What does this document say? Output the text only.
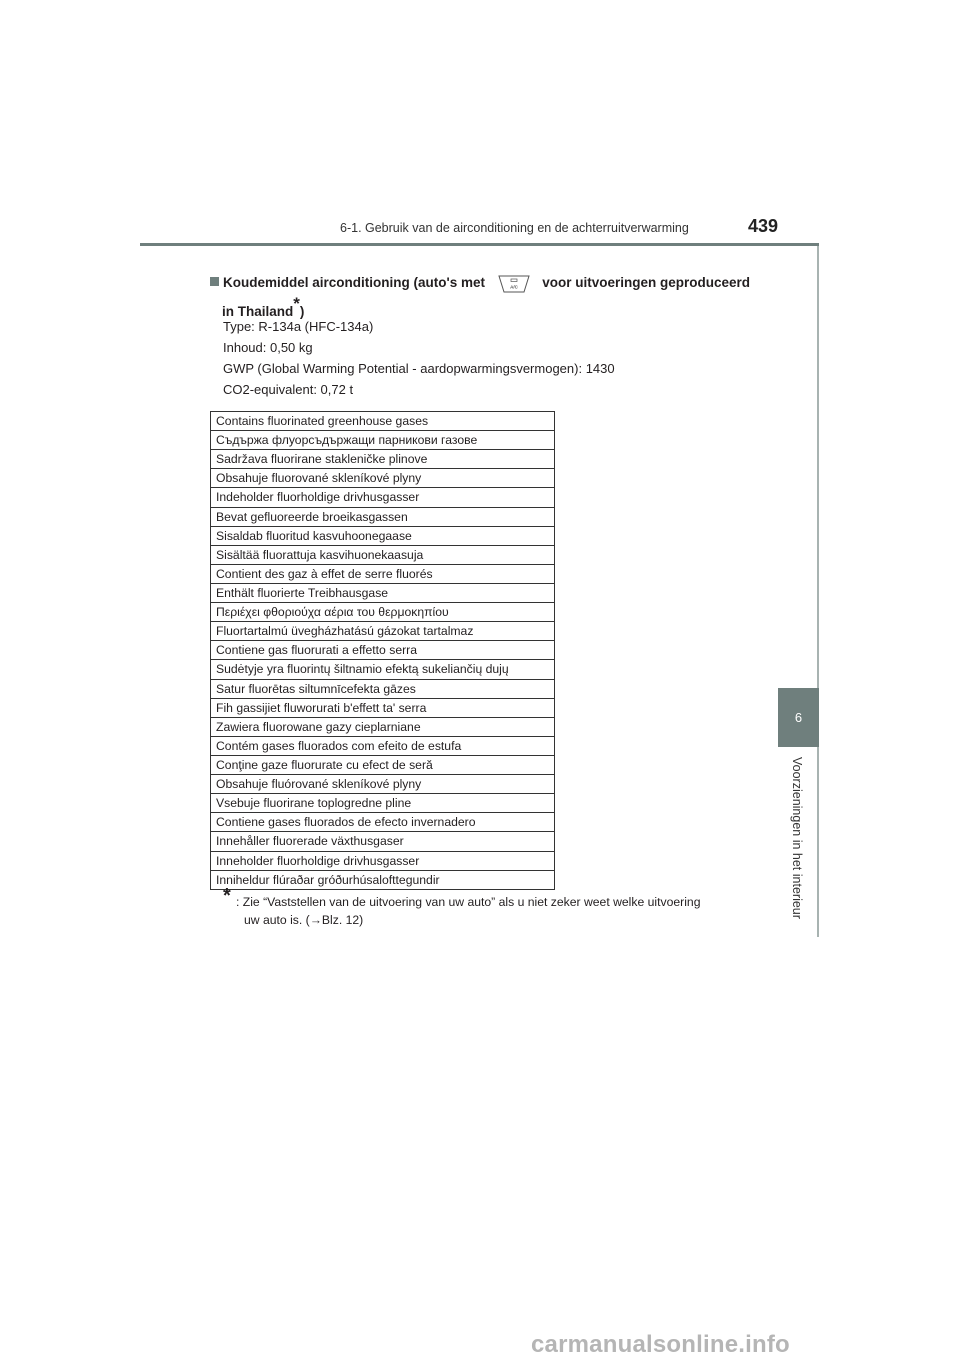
6-1. Gebruik van de airconditioning en de achterruitverwarming	439
6
Voorzieningen in het interieur
Koudemiddel airconditioning (auto's met	A/C voor uitvoeringen geproduceerd
in Thailand*)
Type: R-134a (HFC-134a)
Inhoud: 0,50 kg
GWP (Global Warming Potential - aardopwarmingsvermogen): 1430
CO2-equivalent: 0,72 t
Contains fluorinated greenhouse gases
Съдържа флуорсъдържащи парникови газове
Sadržava fluorirane stakleničke plinove
Obsahuje fluorované skleníkové plyny
Indeholder fluorholdige drivhusgasser
Bevat gefluoreerde broeikasgassen
Sisaldab fluoritud kasvuhoonegaase
Sisältää fluorattuja kasvihuonekaasuja
Contient des gaz à effet de serre fluorés
Enthält fluorierte Treibhausgase
Περιέχει φθοριούχα αέρια του θερμοκηπίου
Fluortartalmú üvegházhatású gázokat tartalmaz
Contiene gas fluorurati a effetto serra
Sudėtyje yra fluorintų šiltnamio efektą sukeliančių dujų
Satur fluorētas siltumnīcefekta gāzes
Fih gassijiet fluworurati b'effett ta' serra
Zawiera fluorowane gazy cieplarniane
Contém gases fluorados com efeito de estufa
Conţine gaze fluorurate cu efect de seră
Obsahuje fluórované skleníkové plyny
Vsebuje fluorirane toplogredne pline
Contiene gases fluorados de efecto invernadero
Innehåller fluorerade växthusgaser
Inneholder fluorholdige drivhusgasser
Inniheldur flúraðar gróðurhúsalofttegundir
* : Zie “Vaststellen van de uitvoering van uw auto” als u niet zeker weet welke uitvoering
uw auto is. (→Blz. 12)
carmanualsonline.info
